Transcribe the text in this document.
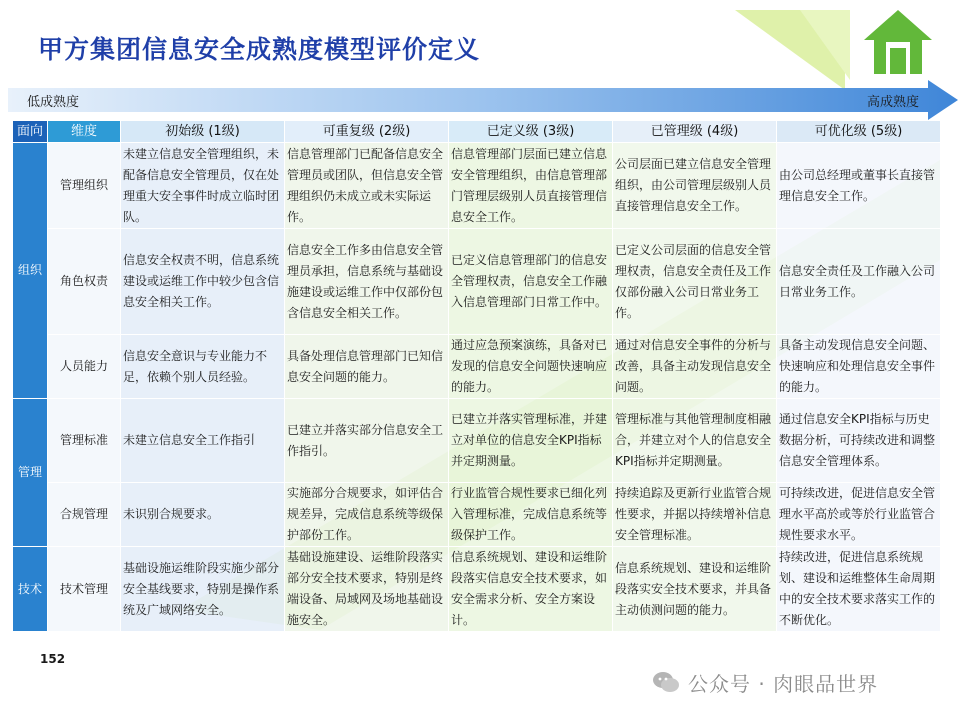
甲方集团信息安全成熟度模型评价定义
低成熟度	高成熟度
面向	维度	初始级 (1级)	可重复级 (2级)	已定义级 (3级)	已管理级 (4级)	可优化级 (5级)
组织	管理组织	未建立信息安全管理组织，未配备信息安全管理员，仅在处理重大安全事件时成立临时团队。	信息管理部门已配备信息安全管理员或团队，但信息安全管理组织仍未成立或未实际运作。	信息管理部门层面已建立信息安全管理组织，由信息管理部门管理层级别人员直接管理信息安全工作。	公司层面已建立信息安全管理组织，由公司管理层级别人员直接管理信息安全工作。	由公司总经理或董事长直接管理信息安全工作。
	角色权责	信息安全权责不明，信息系统建设或运维工作中较少包含信息安全相关工作。	信息安全工作多由信息安全管理员承担，信息系统与基础设施建设或运维工作中仅部份包含信息安全相关工作。	已定义信息管理部门的信息安全管理权责，信息安全工作融入信息管理部门日常工作中。	已定义公司层面的信息安全管理权责，信息安全责任及工作仅部份融入公司日常业务工作。	信息安全责任及工作融入公司日常业务工作。
	人员能力	信息安全意识与专业能力不足，依赖个别人员经验。	具备处理信息管理部门已知信息安全问题的能力。	通过应急预案演练，具备对已发现的信息安全问题快速响应的能力。	通过对信息安全事件的分析与改善，具备主动发现信息安全问题。	具备主动发现信息安全问题、快速响应和处理信息安全事件的能力。
管理	管理标准	未建立信息安全工作指引	已建立并落实部分信息安全工作指引。	已建立并落实管理标准，并建立对单位的信息安全KPI指标并定期测量。	管理标准与其他管理制度相融合，并建立对个人的信息安全KPI指标并定期测量。	通过信息安全KPI指标与历史数据分析，可持续改进和调整信息安全管理体系。
	合规管理	未识别合规要求。	实施部分合规要求，如评估合规差异，完成信息系统等级保护部份工作。	行业监管合规性要求已细化列入管理标准，完成信息系统等级保护工作。	持续追踪及更新行业监管合规性要求，并据以持续增补信息安全管理标准。	可持续改进，促进信息安全管理水平高於或等於行业监管合规性要求水平。
技术	技术管理	基础设施运维阶段实施少部分安全基线要求，特别是操作系统及广域网络安全。	基础设施建设、运维阶段落实部分安全技术要求，特别是终端设备、局域网及场地基础设施安全。	信息系统规划、建设和运维阶段落实信息安全技术要求，如安全需求分析、安全方案设计。	信息系统规划、建设和运维阶段落实安全技术要求，并具备主动侦测问题的能力。	持续改进，促进信息系统规划、建设和运维整体生命周期中的安全技术要求落实工作的不断优化。
152
公众号 · 肉眼品世界
